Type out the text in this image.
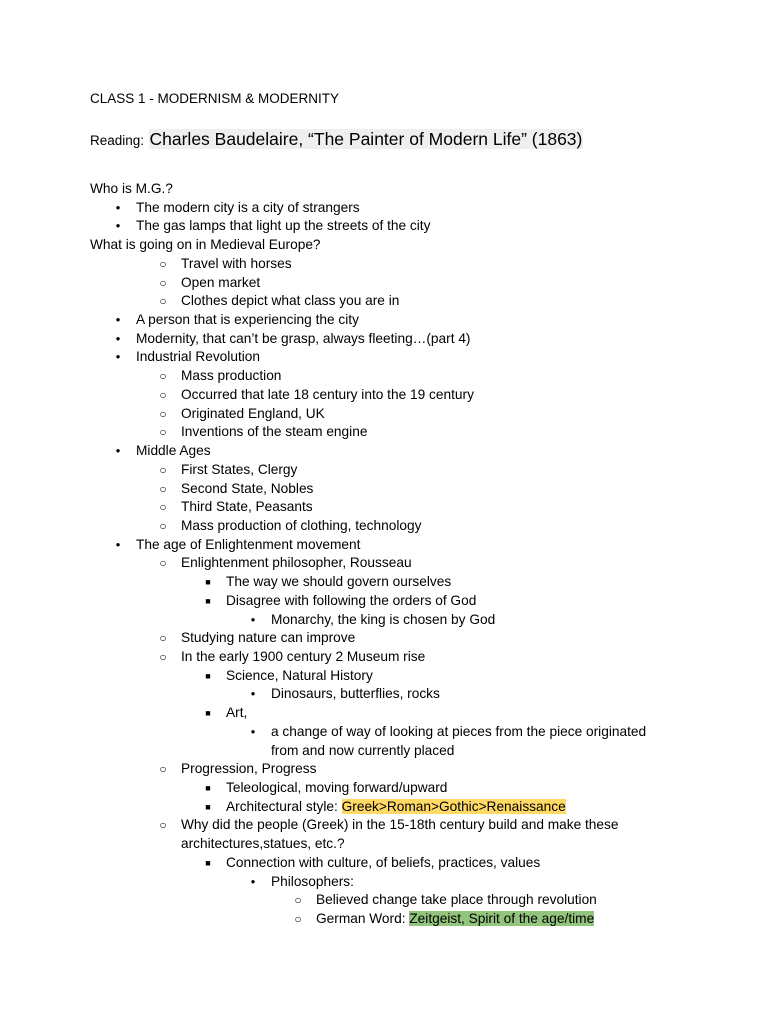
CLASS 1 - MODERNISM & MODERNITY
Reading: Charles Baudelaire, “The Painter of Modern Life” (1863)
Who is M.G.?
●	The modern city is a city of strangers
●	The gas lamps that light up the streets of the city
What is going on in Medieval Europe?
○ Travel with horses
○ Open market
○ Clothes depict what class you are in
●	A person that is experiencing the city
●	Modernity, that can’t be grasp, always fleeting…(part 4)
●	Industrial Revolution
○ Mass production
○ Occurred that late 18 century into the 19 century
○ Originated England, UK
○ Inventions of the steam engine
●	Middle Ages
○ First States, Clergy
○ Second State, Nobles
○ Third State, Peasants
○ Mass production of clothing, technology
●	The age of Enlightenment movement
○ Enlightenment philosopher, Rousseau
■	The way we should govern ourselves
■	Disagree with following the orders of God
●	Monarchy, the king is chosen by God
○ Studying nature can improve
○ In the early 1900 century 2 Museum rise
■	Science, Natural History
●	Dinosaurs, butterflies, rocks
■	Art,
●	a change of way of looking at pieces from the piece originated
from and now currently placed
○ Progression, Progress
■	Teleological, moving forward/upward
■	Architectural style: Greek>Roman>Gothic>Renaissance
○ Why did the people (Greek) in the 15-18th century build and make these
architectures,statues, etc.?
■	Connection with culture, of beliefs, practices, values
●	Philosophers:
○ Believed change take place through revolution
○ German Word: Zeitgeist, Spirit of the age/time
